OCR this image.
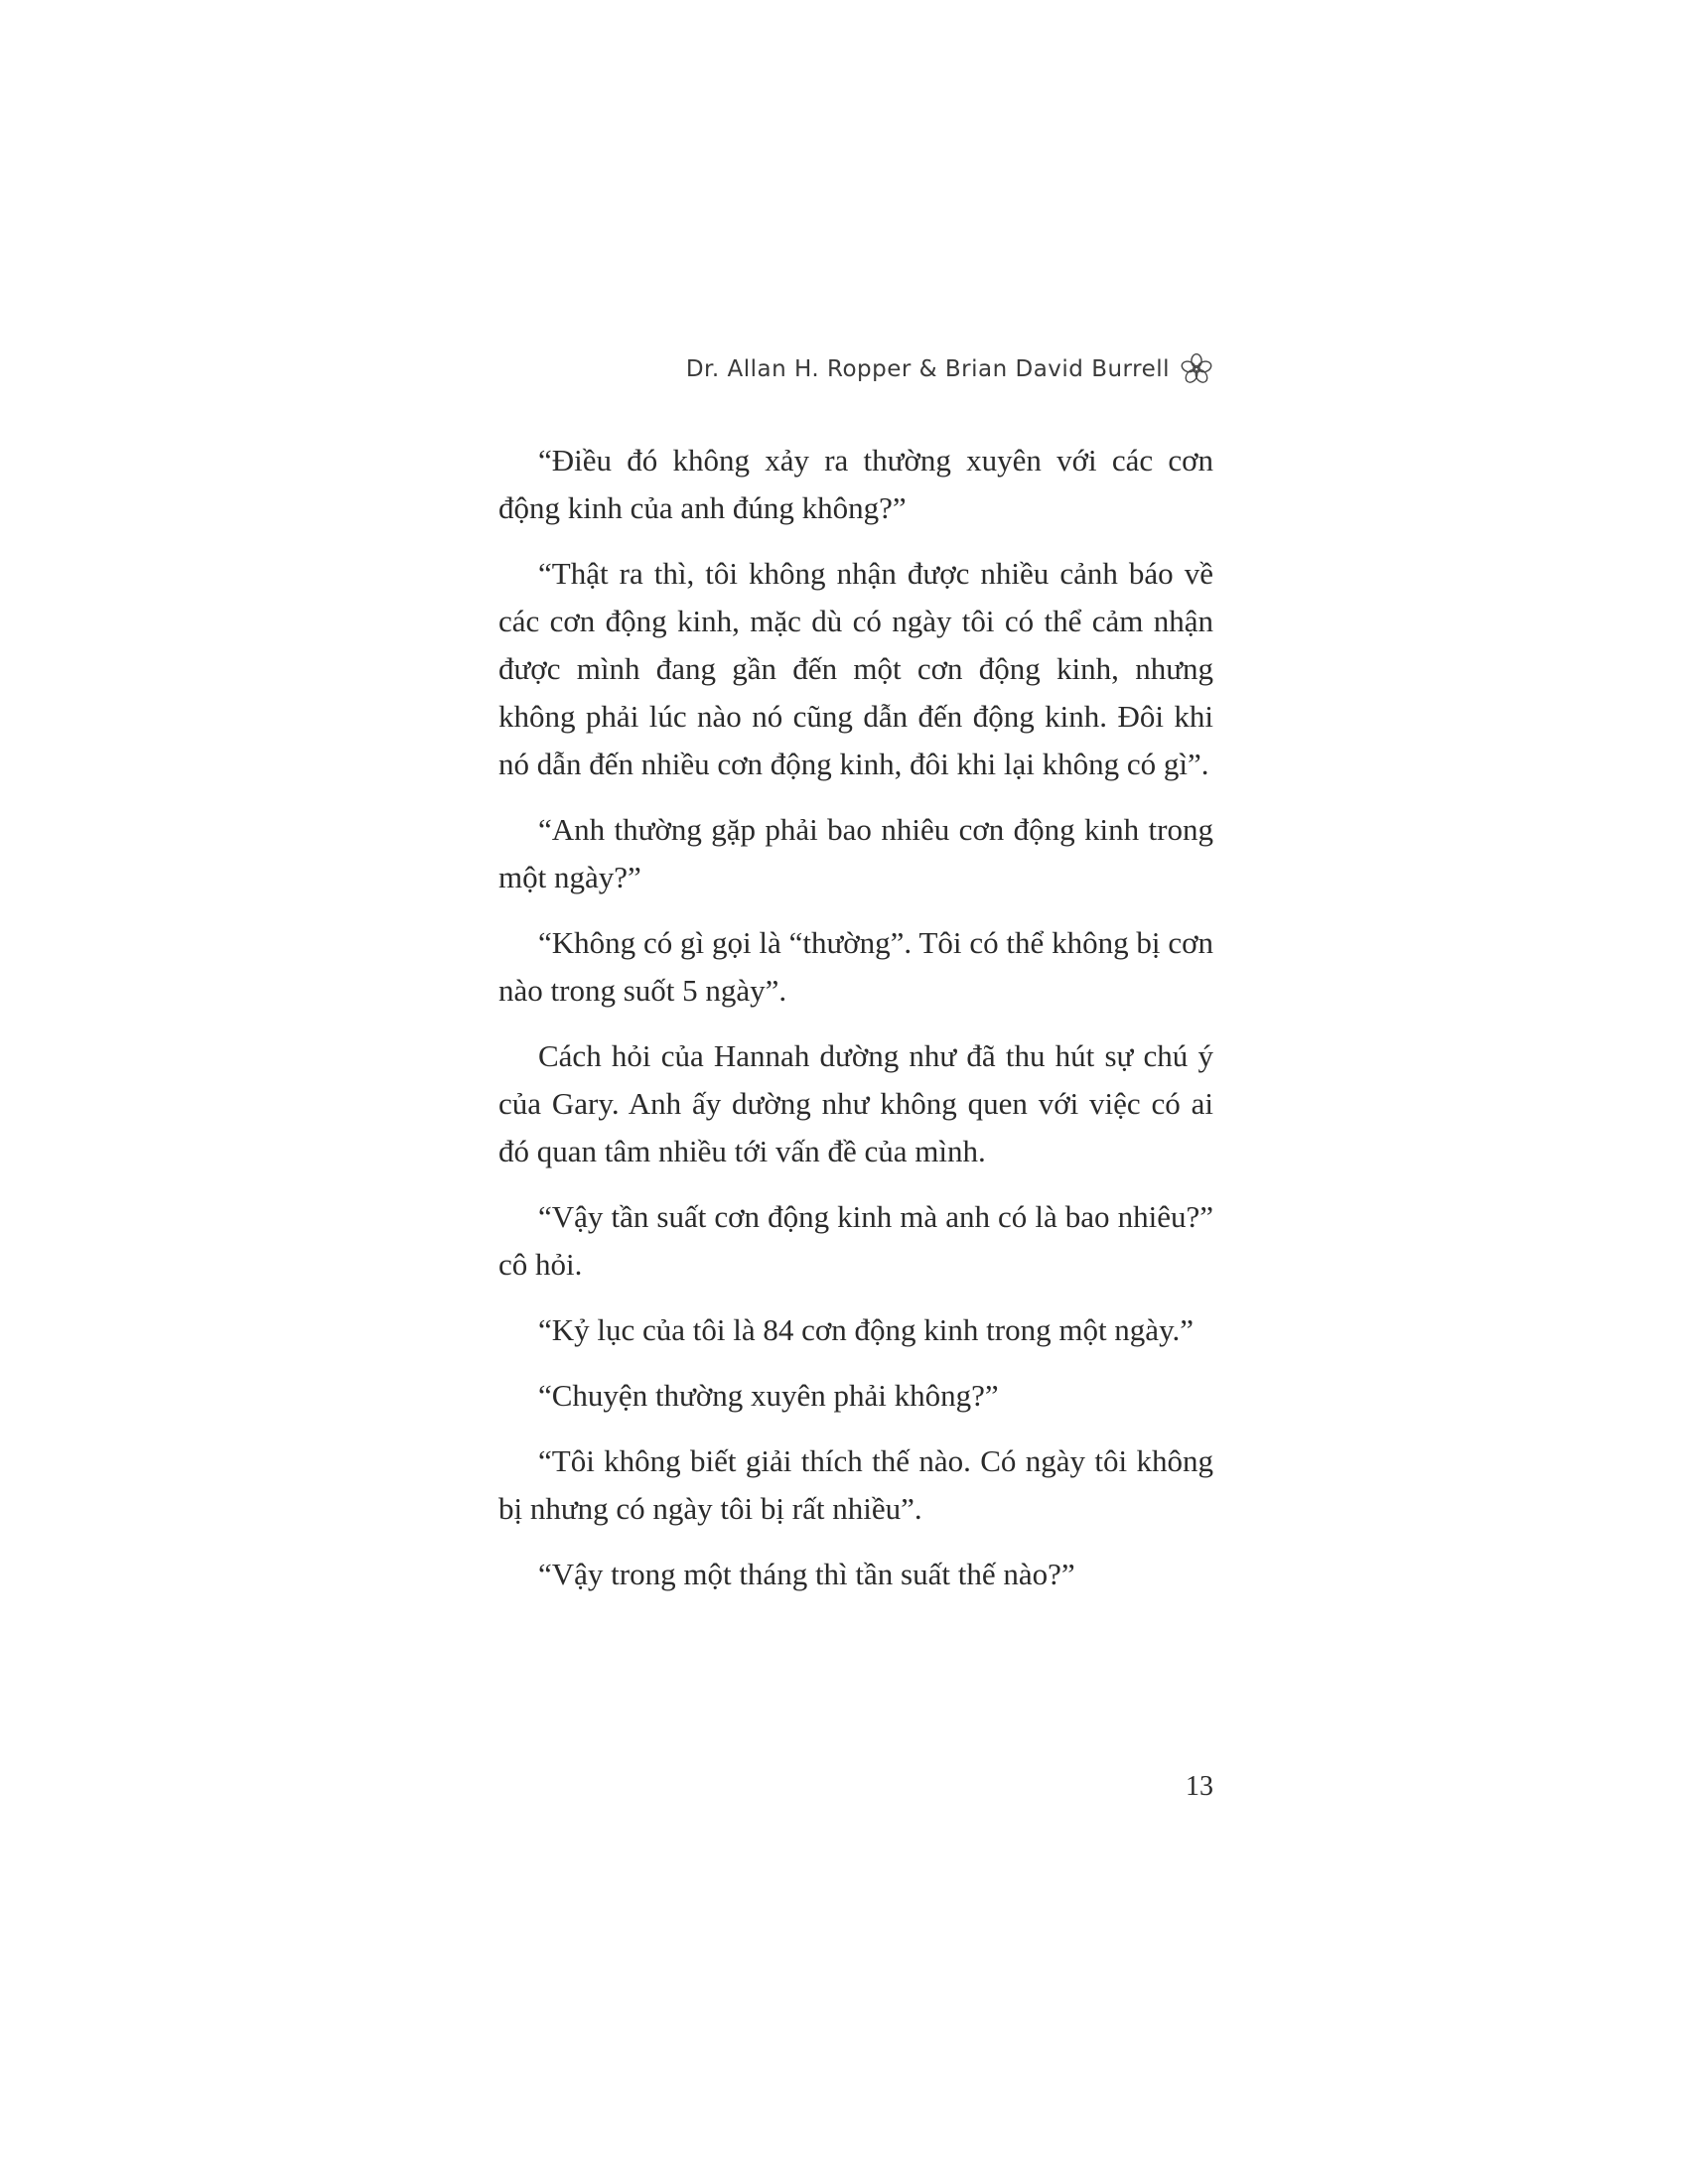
Dr. Allan H. Ropper & Brian David Burrell

“Điều đó không xảy ra thường xuyên với các cơn động kinh của anh đúng không?”

“Thật ra thì, tôi không nhận được nhiều cảnh báo về các cơn động kinh, mặc dù có ngày tôi có thể cảm nhận được mình đang gần đến một cơn động kinh, nhưng không phải lúc nào nó cũng dẫn đến động kinh. Đôi khi nó dẫn đến nhiều cơn động kinh, đôi khi lại không có gì”.

“Anh thường gặp phải bao nhiêu cơn động kinh trong một ngày?”

“Không có gì gọi là “thường”. Tôi có thể không bị cơn nào trong suốt 5 ngày”.

Cách hỏi của Hannah dường như đã thu hút sự chú ý của Gary. Anh ấy dường như không quen với việc có ai đó quan tâm nhiều tới vấn đề của mình.

“Vậy tần suất cơn động kinh mà anh có là bao nhiêu?” cô hỏi.

“Kỷ lục của tôi là 84 cơn động kinh trong một ngày.”

“Chuyện thường xuyên phải không?”

“Tôi không biết giải thích thế nào. Có ngày tôi không bị nhưng có ngày tôi bị rất nhiều”.

“Vậy trong một tháng thì tần suất thế nào?”

13
